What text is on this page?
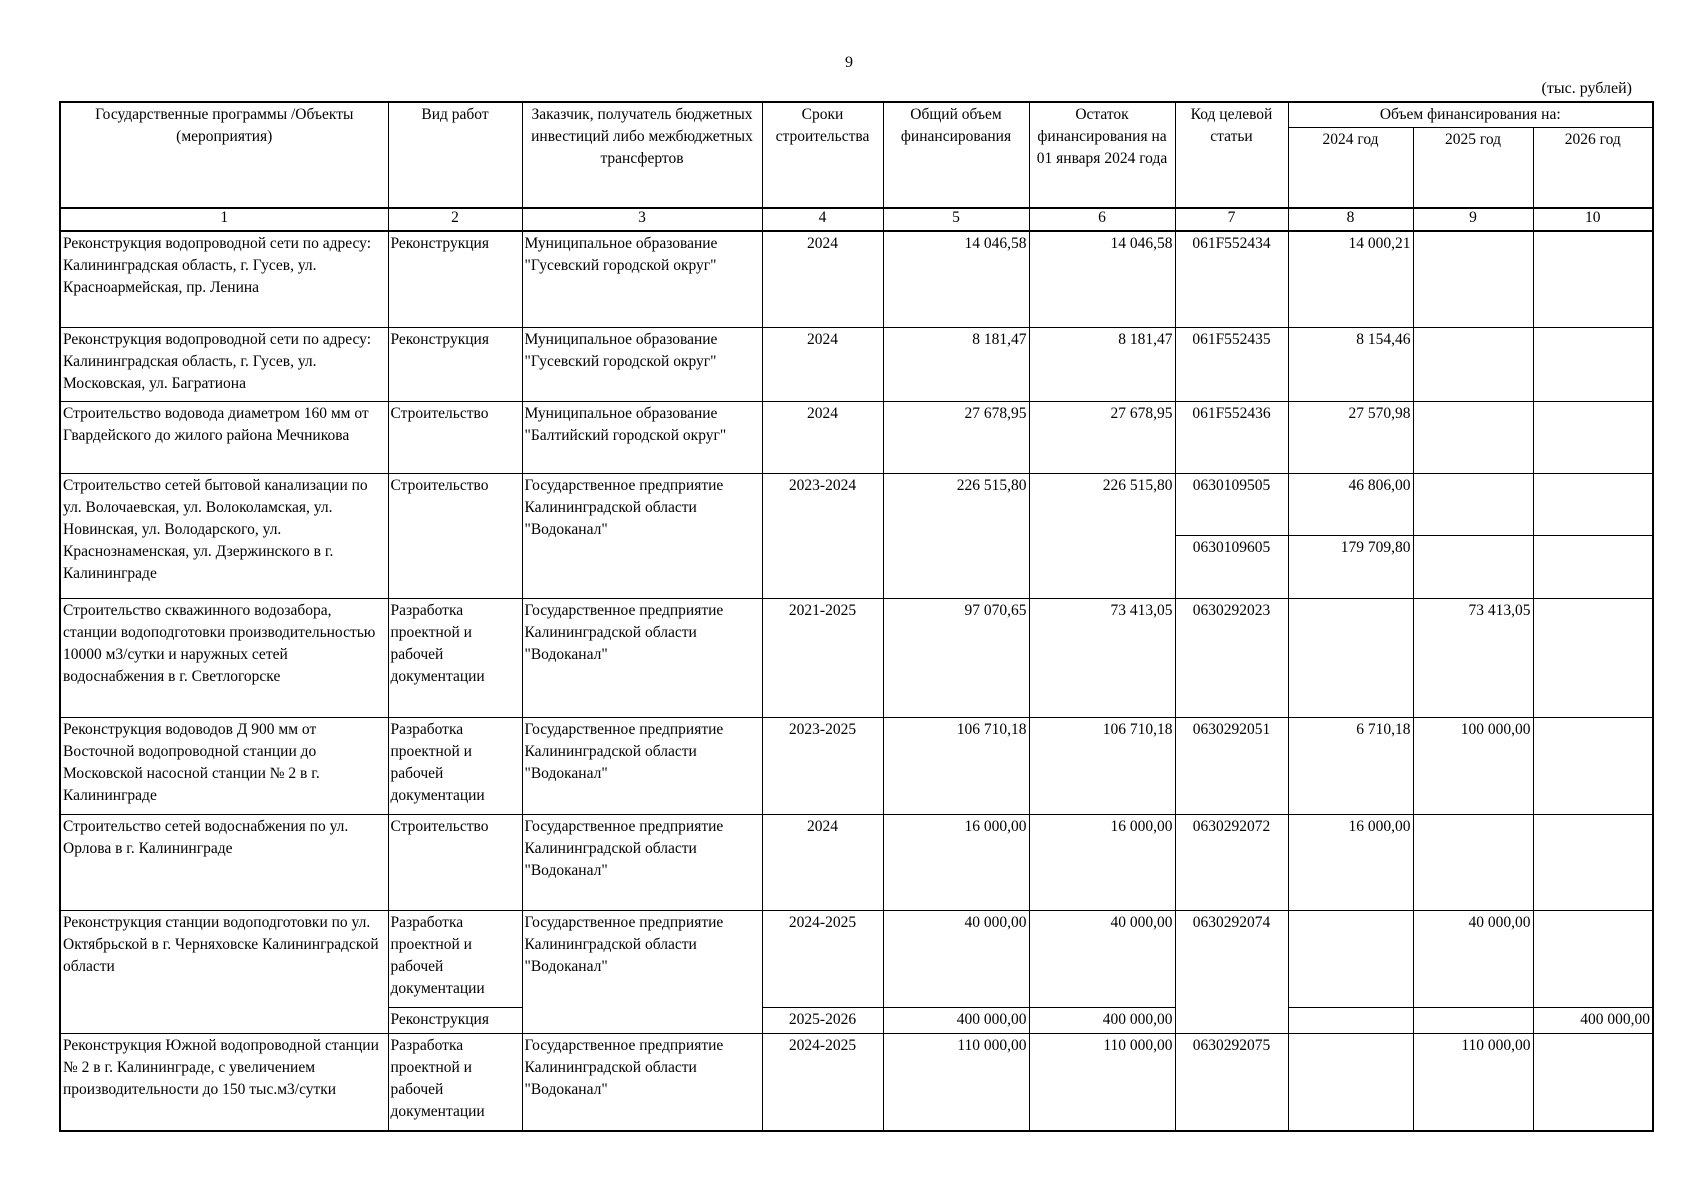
9
(тыс. рублей)
Государственные программы /Объекты (мероприятия)	Вид работ	Заказчик, получатель бюджетных инвестиций либо межбюджетных трансфертов	Сроки строительства	Общий объем финансирования	Остаток финансирования на 01 января 2024 года	Код целевой статьи	Объем финансирования на:		
							2024 год	2025 год	2026 год
1	2	3	4	5	6	7	8	9	10
Реконструкция водопроводной сети по адресу: Калининградская область, г. Гусев, ул. Красноармейская, пр. Ленина	Реконструкция	Муниципальное образование "Гусевский городской округ"	2024	14 046,58	14 046,58	061F552434	14 000,21		
Реконструкция водопроводной сети по адресу: Калининградская область, г. Гусев, ул. Московская, ул. Багратиона	Реконструкция	Муниципальное образование "Гусевский городской округ"	2024	8 181,47	8 181,47	061F552435	8 154,46		
Строительство водовода диаметром 160 мм от Гвардейского до жилого района Мечникова	Строительство	Муниципальное образование "Балтийский городской округ"	2024	27 678,95	27 678,95	061F552436	27 570,98		
Строительство сетей бытовой канализации по ул. Волочаевская, ул. Волоколамская, ул. Новинская, ул. Володарского, ул. Краснознаменская, ул. Дзержинского в г. Калининграде	Строительство	Государственное предприятие Калининградской области "Водоканал"	2023-2024	226 515,80	226 515,80	0630109505	46 806,00		
						0630109605	179 709,80		
Строительство скважинного водозабора, станции водоподготовки производительностью 10000 м3/сутки и наружных сетей водоснабжения в г. Светлогорске	Разработка проектной и рабочей документации	Государственное предприятие Калининградской области "Водоканал"	2021-2025	97 070,65	73 413,05	0630292023		73 413,05	
Реконструкция водоводов Д 900 мм от Восточной водопроводной станции до Московской насосной станции № 2 в г. Калининграде	Разработка проектной и рабочей документации	Государственное предприятие Калининградской области "Водоканал"	2023-2025	106 710,18	106 710,18	0630292051	6 710,18	100 000,00	
Строительство сетей водоснабжения по ул. Орлова в г. Калининграде	Строительство	Государственное предприятие Калининградской области "Водоканал"	2024	16 000,00	16 000,00	0630292072	16 000,00		
Реконструкция станции водоподготовки по ул. Октябрьской в г. Черняховске Калининградской области	Разработка проектной и рабочей документации	Государственное предприятие Калининградской области "Водоканал"	2024-2025	40 000,00	40 000,00	0630292074		40 000,00	
	Реконструкция		2025-2026	400 000,00	400 000,00				400 000,00
Реконструкция Южной водопроводной станции № 2 в г. Калининграде, с увеличением производительности до 150 тыс.м3/сутки	Разработка проектной и рабочей документации	Государственное предприятие Калининградской области "Водоканал"	2024-2025	110 000,00	110 000,00	0630292075		110 000,00	
